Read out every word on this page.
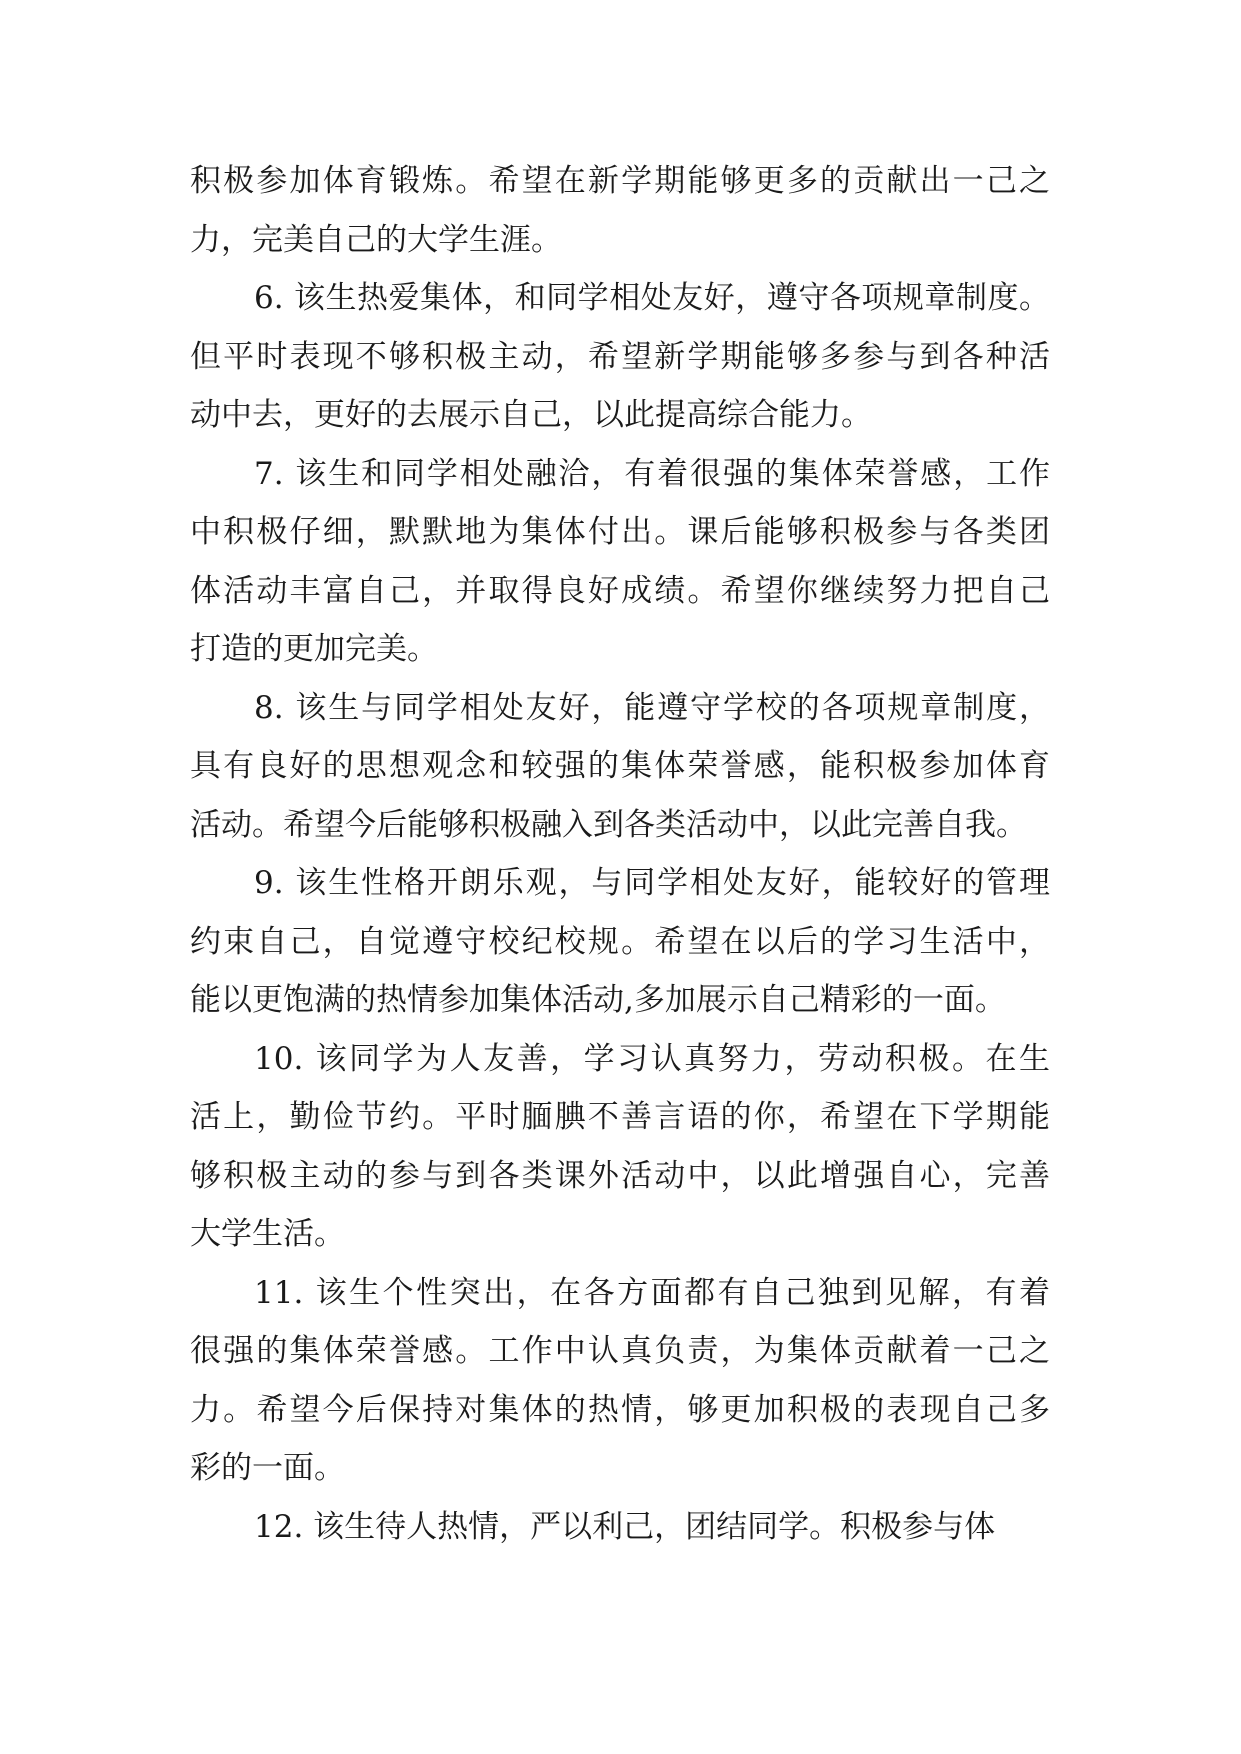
积极参加体育锻炼。希望在新学期能够更多的贡献出一己之
力，完美自己的大学生涯。
6. 该生热爱集体，和同学相处友好，遵守各项规章制度。
但平时表现不够积极主动，希望新学期能够多参与到各种活
动中去，更好的去展示自己，以此提高综合能力。
7. 该生和同学相处融洽，有着很强的集体荣誉感，工作
中积极仔细，默默地为集体付出。课后能够积极参与各类团
体活动丰富自己，并取得良好成绩。希望你继续努力把自己
打造的更加完美。
8. 该生与同学相处友好，能遵守学校的各项规章制度，
具有良好的思想观念和较强的集体荣誉感，能积极参加体育
活动。希望今后能够积极融入到各类活动中，以此完善自我。
9. 该生性格开朗乐观，与同学相处友好，能较好的管理
约束自己，自觉遵守校纪校规。希望在以后的学习生活中，
能以更饱满的热情参加集体活动,多加展示自己精彩的一面。
10. 该同学为人友善，学习认真努力，劳动积极。在生
活上，勤俭节约。平时腼腆不善言语的你，希望在下学期能
够积极主动的参与到各类课外活动中，以此增强自心，完善
大学生活。
11. 该生个性突出，在各方面都有自己独到见解，有着
很强的集体荣誉感。工作中认真负责，为集体贡献着一己之
力。希望今后保持对集体的热情，够更加积极的表现自己多
彩的一面。
12. 该生待人热情，严以利己，团结同学。积极参与体
